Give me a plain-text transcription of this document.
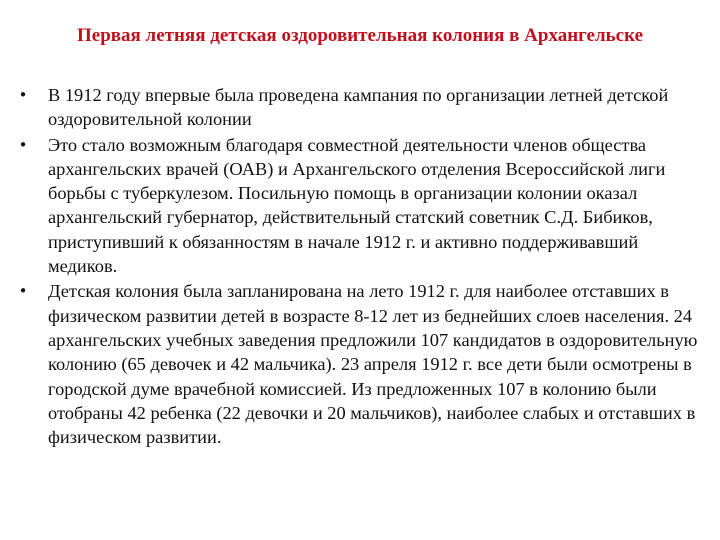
Первая летняя детская оздоровительная колония в Архангельске
• В 1912 году впервые была проведена кампания по организации летней детской оздоровительной колонии
• Это стало возможным благодаря совместной деятельности членов общества архангельских врачей (ОАВ) и Архангельского отделения Всероссийской лиги борьбы с туберкулезом. Посильную помощь в организации колонии оказал архангельский губернатор, действительный статский советник С.Д. Бибиков, приступивший к обязанностям в начале 1912 г. и активно поддерживавший медиков.
• Детская колония была запланирована на лето 1912 г. для наиболее отставших в физическом развитии детей в возрасте 8-12 лет из беднейших слоев населения. 24 архангельских учебных заведения предложили 107 кандидатов в оздоровительную колонию (65 девочек и 42 мальчика). 23 апреля 1912 г. все дети были осмотрены в городской думе врачебной комиссией. Из предложенных 107 в колонию были отобраны 42 ребенка (22 девочки и 20 мальчиков), наиболее слабых и отставших в физическом развитии.
